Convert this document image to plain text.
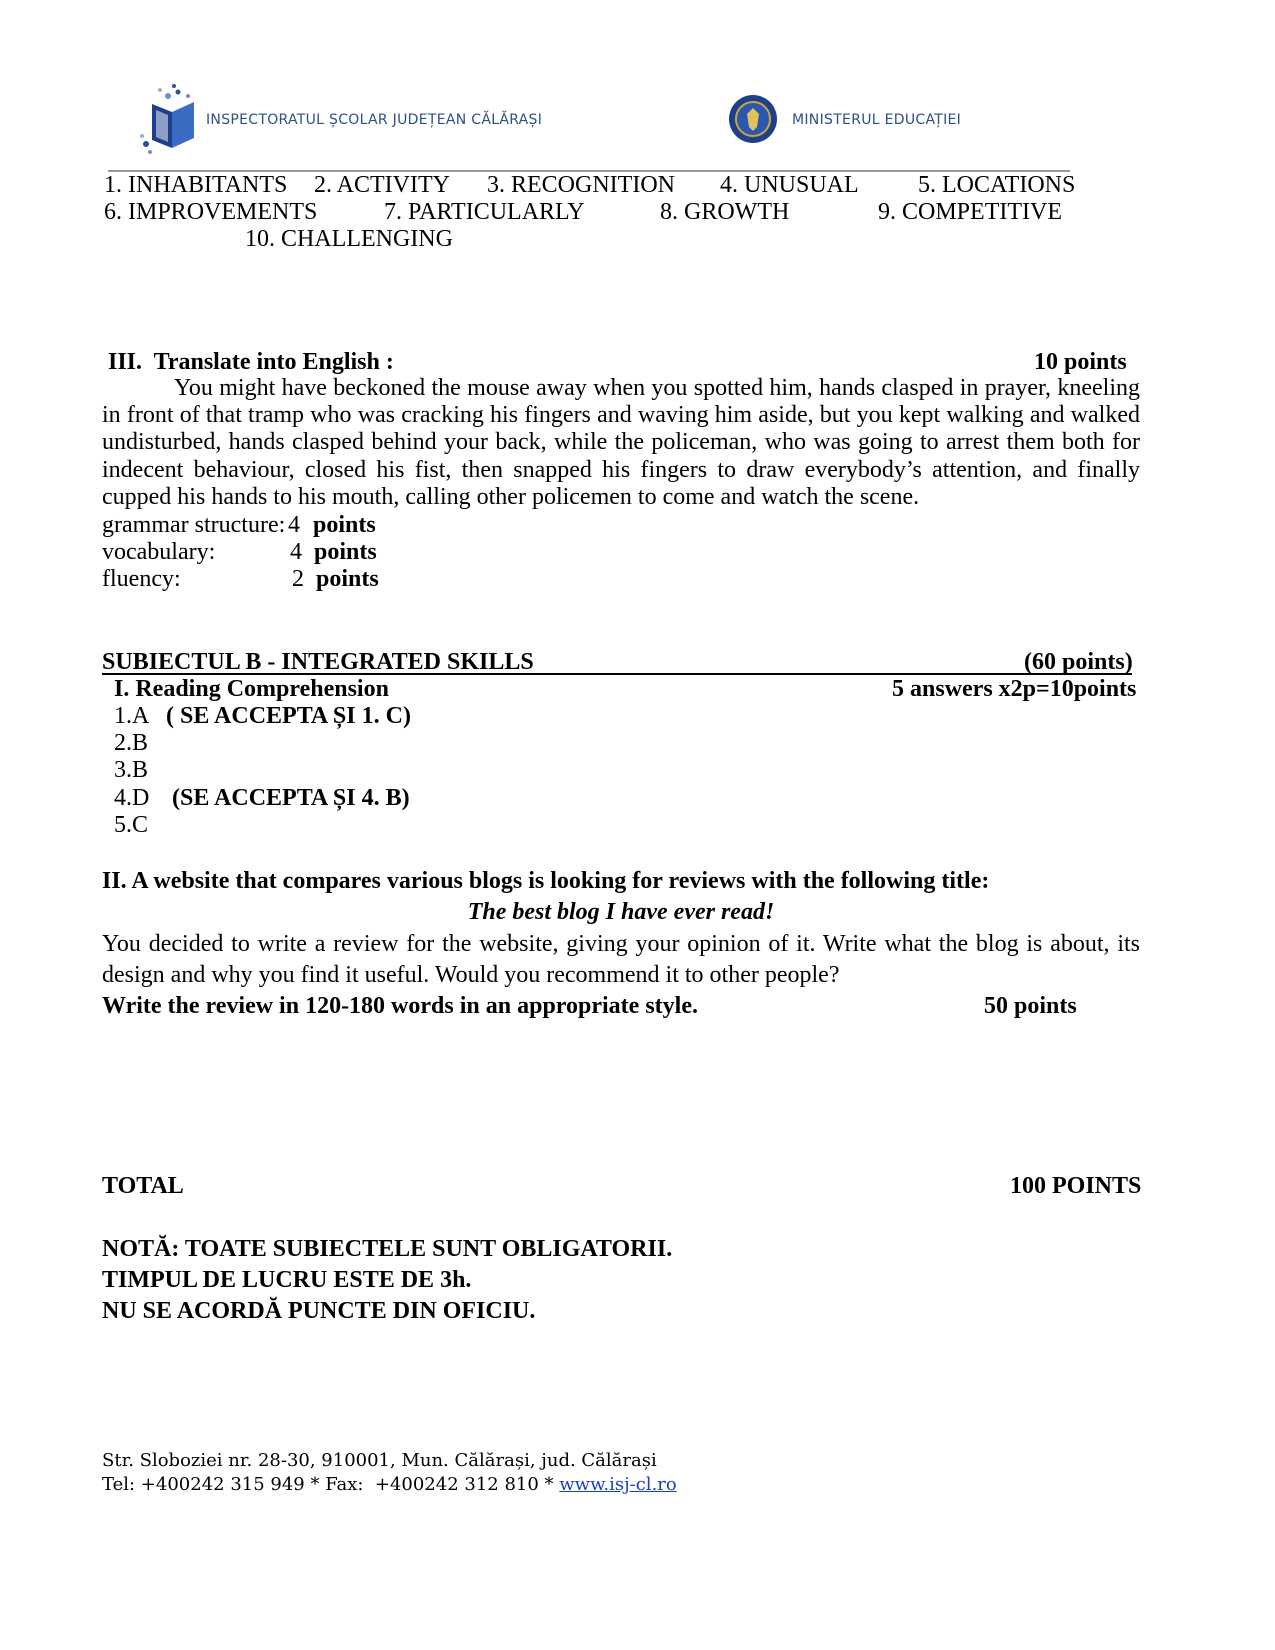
INSPECTORATUL ȘCOLAR JUDEȚEAN CĂLĂRAȘI	MINISTERUL EDUCAȚIEI
1. INHABITANTS 2. ACTIVITY 3. RECOGNITION 4. UNUSUAL 5. LOCATIONS
6. IMPROVEMENTS	7. PARTICULARLY	8. GROWTH	9. COMPETITIVE
10. CHALLENGING
III.  Translate into English :	10 points
You might have beckoned the mouse away when you spotted him, hands clasped in prayer, kneeling in front of that tramp who was cracking his fingers and waving him aside, but you kept walking and walked undisturbed, hands clasped behind your back, while the policeman, who was going to arrest them both for indecent behaviour, closed his fist, then snapped his fingers to draw everybody’s attention, and finally cupped his hands to his mouth, calling other policemen to come and watch the scene.
grammar structure: 4 points
vocabulary:	4 points
fluency:	2 points
SUBIECTUL B - INTEGRATED SKILLS	(60 points)
I. Reading Comprehension	5 answers x2p=10points
1.A ( SE ACCEPTA ȘI 1. C)
2.B
3.B
4.D (SE ACCEPTA ȘI 4. B)
5.C
II. A website that compares various blogs is looking for reviews with the following title:
The best blog I have ever read!
You decided to write a review for the website, giving your opinion of it. Write what the blog is about, its design and why you find it useful. Would you recommend it to other people?
Write the review in 120-180 words in an appropriate style.	50 points
TOTAL	100 POINTS
NOTĂ: TOATE SUBIECTELE SUNT OBLIGATORII.
TIMPUL DE LUCRU ESTE DE 3h.
NU SE ACORDĂ PUNCTE DIN OFICIU.
Str. Sloboziei nr. 28-30, 910001, Mun. Călărași, jud. Călărași
Tel: +400242 315 949 * Fax:  +400242 312 810 * www.isj-cl.ro
